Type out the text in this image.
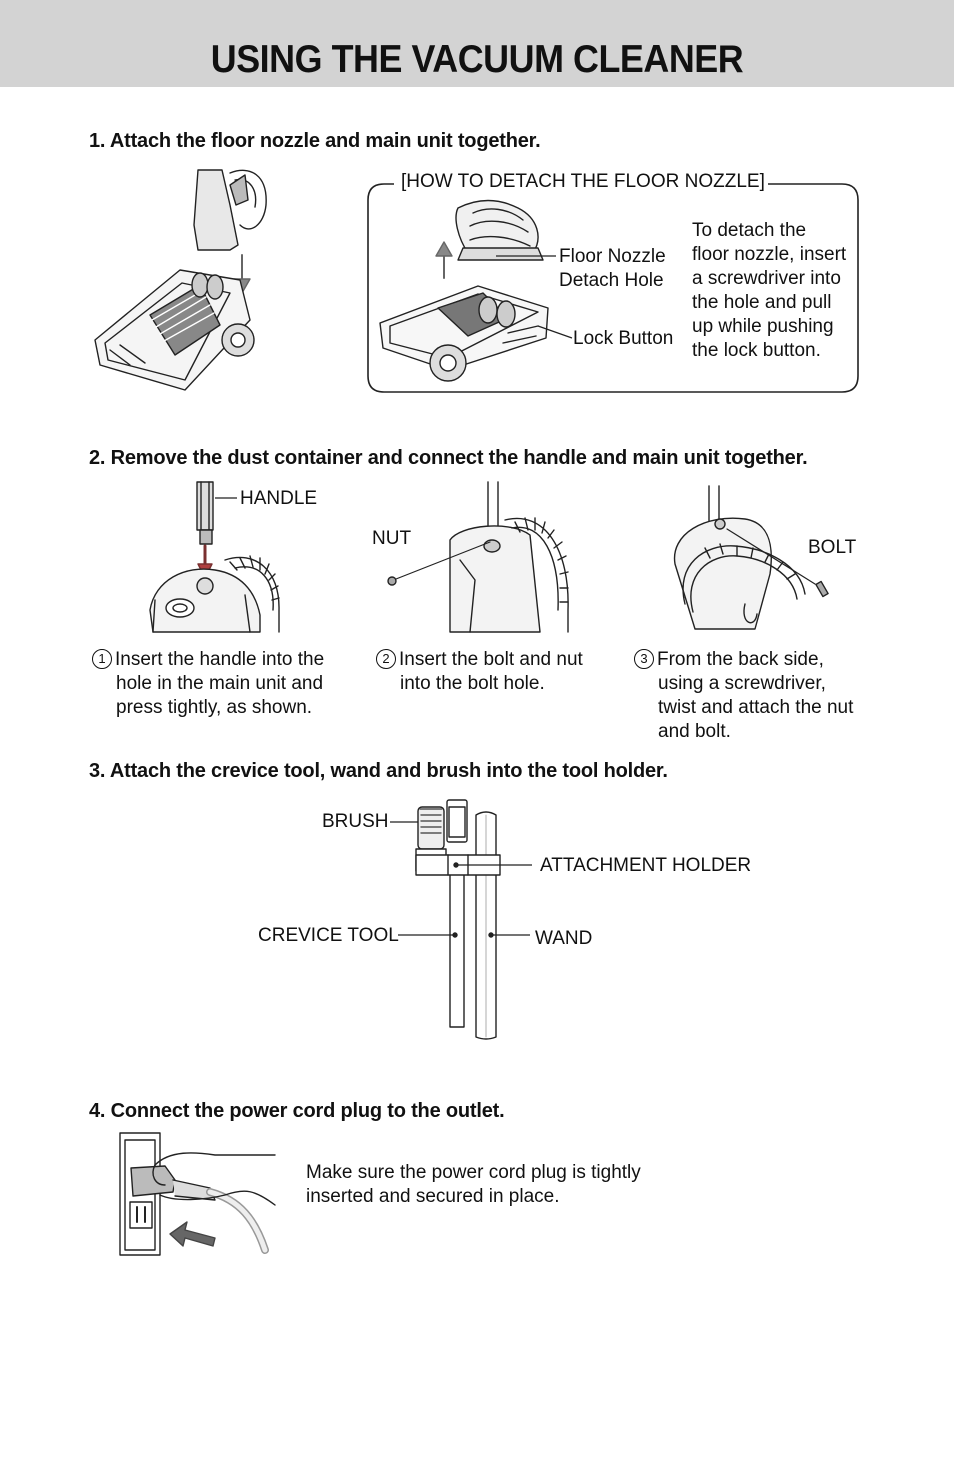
USING THE VACUUM CLEANER
1. Attach the floor nozzle and main unit together.
[HOW TO DETACH THE FLOOR NOZZLE]
Floor Nozzle
Detach Hole
Lock Button
To detach the
floor nozzle, insert
a screwdriver into
the hole and pull
up while pushing
the lock button.
2. Remove the dust container and connect the handle and main unit together.
HANDLE
NUT	BOLT
1 Insert the handle into the
hole in the main unit and
press tightly, as shown.
2 Insert the bolt and nut
into the bolt hole.
3 From the back side,
using a screwdriver,
twist and attach the nut
and bolt.
3. Attach the crevice tool, wand and brush into the tool holder.
BRUSH
ATTACHMENT HOLDER
CREVICE TOOL	WAND
4. Connect the power cord plug to the outlet.
Make sure the power cord plug is tightly
inserted and secured in place.
